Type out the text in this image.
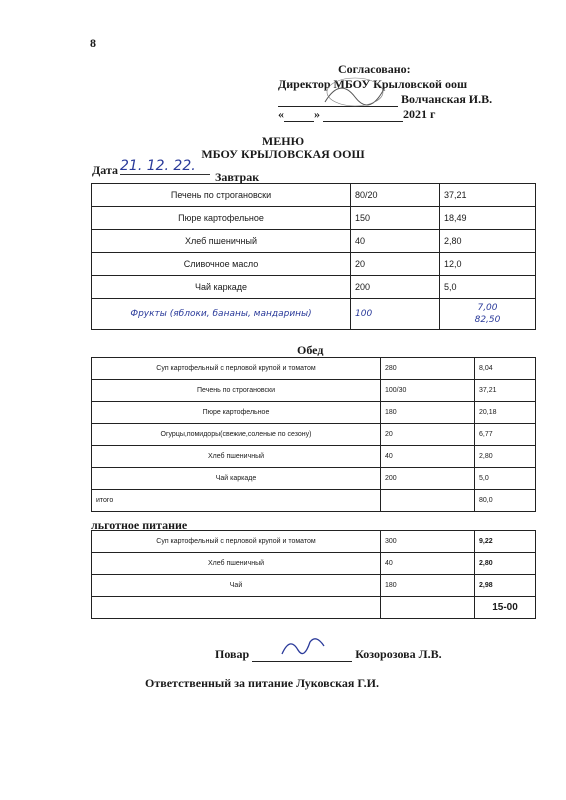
8
Согласовано:
Директор МБОУ Крыловской оош
Волчанская И.В.
«	»	2021 г
МЕНЮ
МБОУ КРЫЛОВСКАЯ ООШ
Дата 21. 12. 22.
Завтрак
Печень по строгановски	80/20	37,21
Пюре картофельное	150	18,49
Хлеб пшеничный	40	2,80
Сливочное масло	20	12,0
Чай каркаде	200	5,0
Фрукты (яблоки, бананы, мандарины)	100	7,00
82,50
Обед
Суп картофельный с перловой крупой и томатом	280	8,04
Печень по строгановски	100/30	37,21
Пюре картофельное	180	20,18
Огурцы,помидоры(свежие,соленые по сезону)	20	6,77
Хлеб пшеничный	40	2,80
Чай каркаде	200	5,0
итого		80,0
льготное питание
Суп картофельный с перловой крупой и томатом	300	9,22
Хлеб пшеничный	40	2,80
Чай	180	2,98
		15-00
Повар	Козорозова Л.В.
Ответственный за питание Луковская Г.И.
